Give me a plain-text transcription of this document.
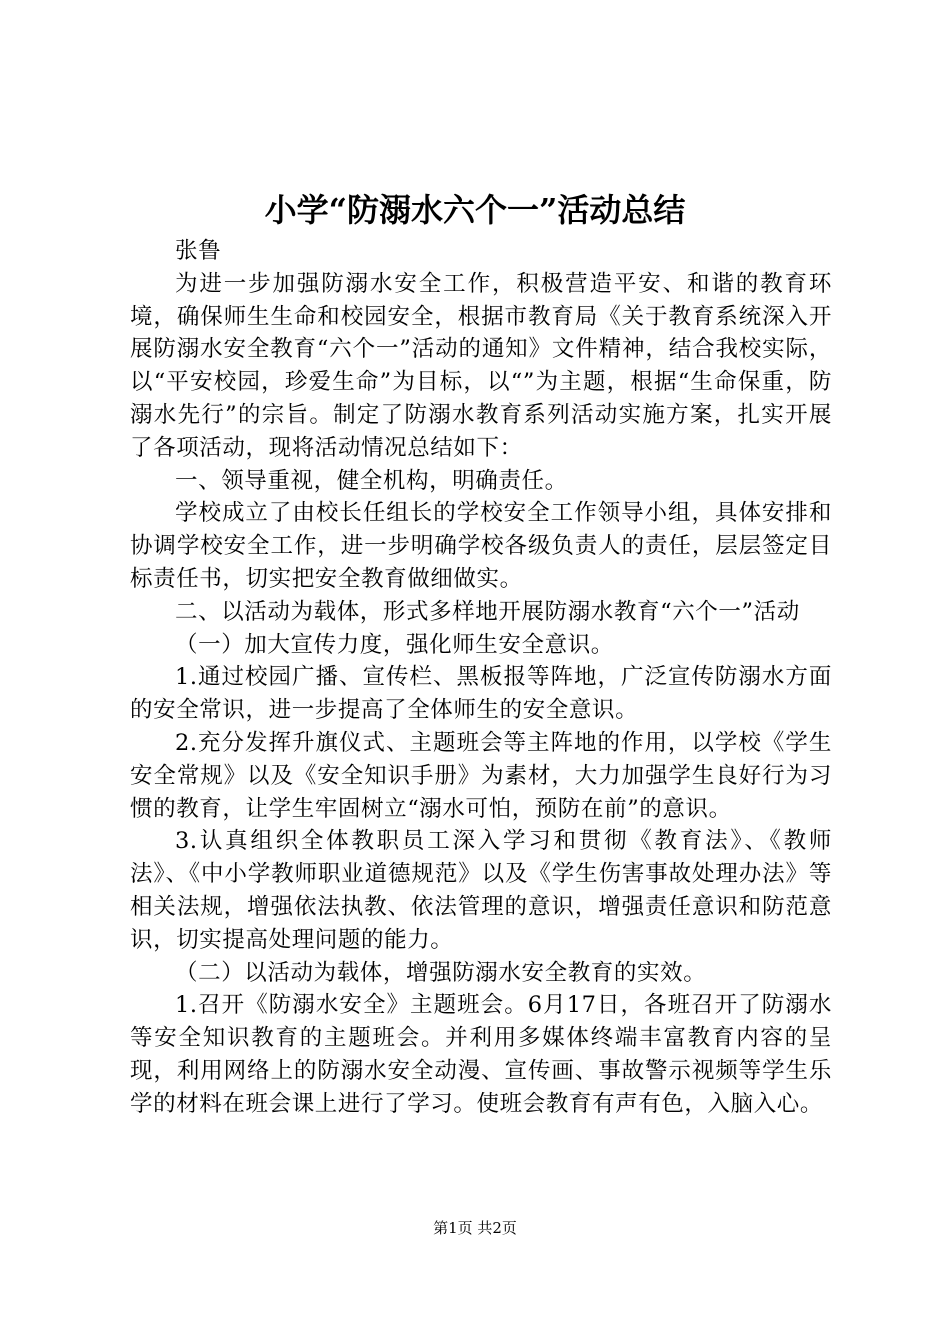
小学“防溺水六个一”活动总结

张鲁

为进一步加强防溺水安全工作，积极营造平安、和谐的教育环境，确保师生生命和校园安全，根据市教育局《关于教育系统深入开展防溺水安全教育“六个一”活动的通知》文件精神，结合我校实际，以“平安校园，珍爱生命”为目标，以“”为主题，根据“生命保重，防溺水先行”的宗旨。制定了防溺水教育系列活动实施方案，扎实开展了各项活动，现将活动情况总结如下：

一、领导重视，健全机构，明确责任。

学校成立了由校长任组长的学校安全工作领导小组，具体安排和协调学校安全工作，进一步明确学校各级负责人的责任，层层签定目标责任书，切实把安全教育做细做实。

二、以活动为载体，形式多样地开展防溺水教育“六个一”活动

（一）加大宣传力度，强化师生安全意识。

1.通过校园广播、宣传栏、黑板报等阵地，广泛宣传防溺水方面的安全常识，进一步提高了全体师生的安全意识。

2.充分发挥升旗仪式、主题班会等主阵地的作用，以学校《学生安全常规》以及《安全知识手册》为素材，大力加强学生良好行为习惯的教育，让学生牢固树立“溺水可怕，预防在前”的意识。

3.认真组织全体教职员工深入学习和贯彻《教育法》、《教师法》、《中小学教师职业道德规范》以及《学生伤害事故处理办法》等相关法规，增强依法执教、依法管理的意识，增强责任意识和防范意识，切实提高处理问题的能力。

（二）以活动为载体，增强防溺水安全教育的实效。

1.召开《防溺水安全》主题班会。6月17日，各班召开了防溺水等安全知识教育的主题班会。并利用多媒体终端丰富教育内容的呈现，利用网络上的防溺水安全动漫、宣传画、事故警示视频等学生乐学的材料在班会课上进行了学习。使班会教育有声有色，入脑入心。

第1页 共2页
